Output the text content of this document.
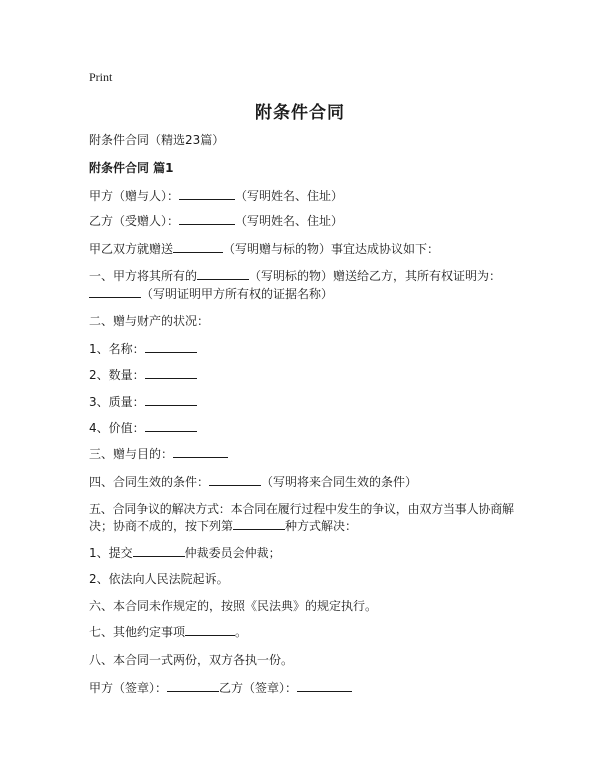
Print
附条件合同
附条件合同（精选23篇）
附条件合同 篇1
甲方（赠与人）：	（写明姓名、住址）
乙方（受赠人）：	（写明姓名、住址）
甲乙双方就赠送	（写明赠与标的物）事宜达成协议如下：
一、甲方将其所有的	（写明标的物）赠送给乙方，其所有权证明为：
（写明证明甲方所有权的证据名称）
二、赠与财产的状况：
1、名称：
2、数量：
3、质量：
4、价值：
三、赠与目的：
四、合同生效的条件：	（写明将来合同生效的条件）
五、合同争议的解决方式：本合同在履行过程中发生的争议，由双方当事人协商解
决；协商不成的，按下列第	种方式解决：
1、提交	仲裁委员会仲裁；
2、依法向人民法院起诉。
六、本合同未作规定的，按照《民法典》的规定执行。
七、其他约定事项	。
八、本合同一式两份，双方各执一份。
甲方（签章）：	乙方（签章）：
